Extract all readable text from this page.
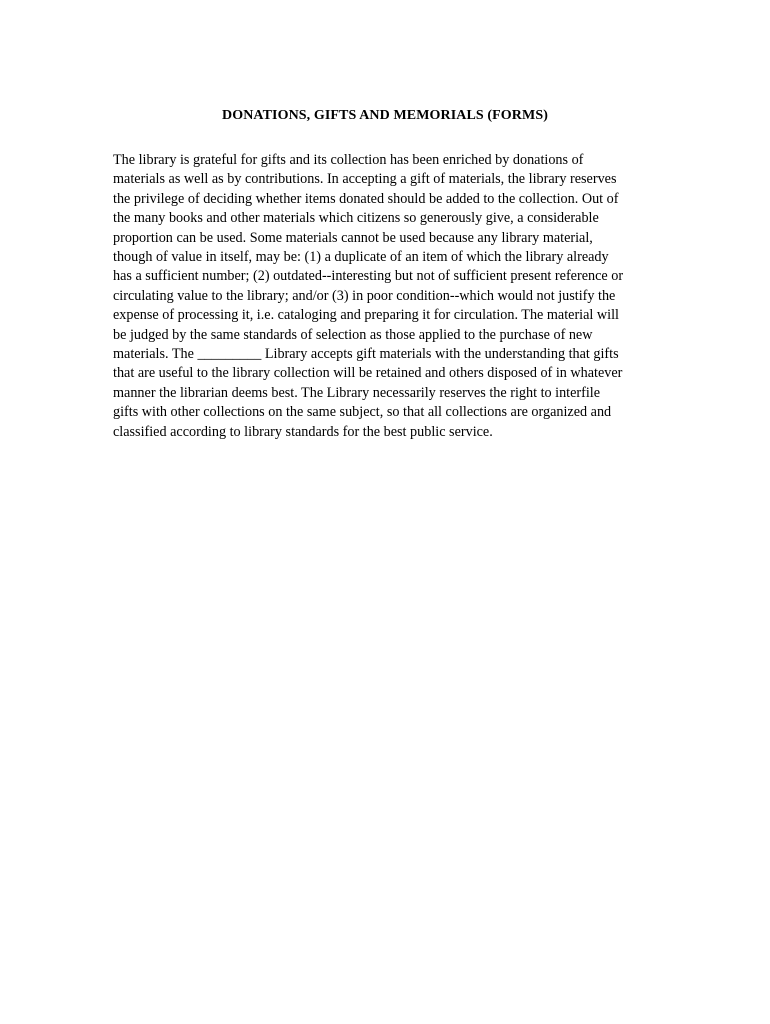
DONATIONS, GIFTS AND MEMORIALS (FORMS)
The library is grateful for gifts and its collection has been enriched by donations of
materials as well as by contributions. In accepting a gift of materials, the library reserves
the privilege of deciding whether items donated should be added to the collection. Out of
the many books and other materials which citizens so generously give, a considerable
proportion can be used. Some materials cannot be used because any library material,
though of value in itself, may be: (1) a duplicate of an item of which the library already
has a sufficient number; (2) outdated--interesting but not of sufficient present reference or
circulating value to the library; and/or (3) in poor condition--which would not justify the
expense of processing it, i.e. cataloging and preparing it for circulation. The material will
be judged by the same standards of selection as those applied to the purchase of new
materials. The _________ Library accepts gift materials with the understanding that gifts
that are useful to the library collection will be retained and others disposed of in whatever
manner the librarian deems best. The Library necessarily reserves the right to interfile
gifts with other collections on the same subject, so that all collections are organized and
classified according to library standards for the best public service.
